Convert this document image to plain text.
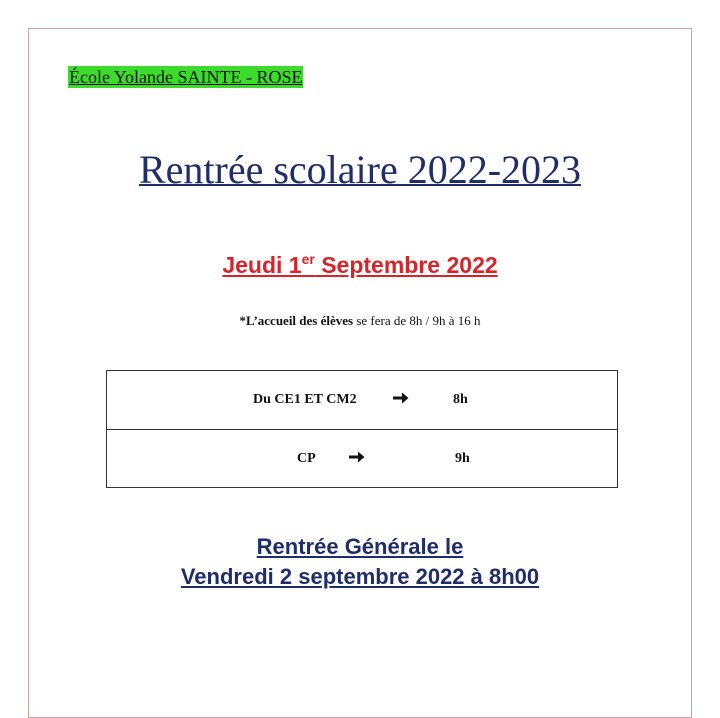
École Yolande SAINTE - ROSE
Rentrée scolaire 2022-2023
Jeudi 1er Septembre 2022
*L’accueil des élèves se fera de 8h / 9h à 16 h
Du CE1 ET CM2	8h
CP	9h
Rentrée Générale le
Vendredi 2 septembre 2022 à 8h00
